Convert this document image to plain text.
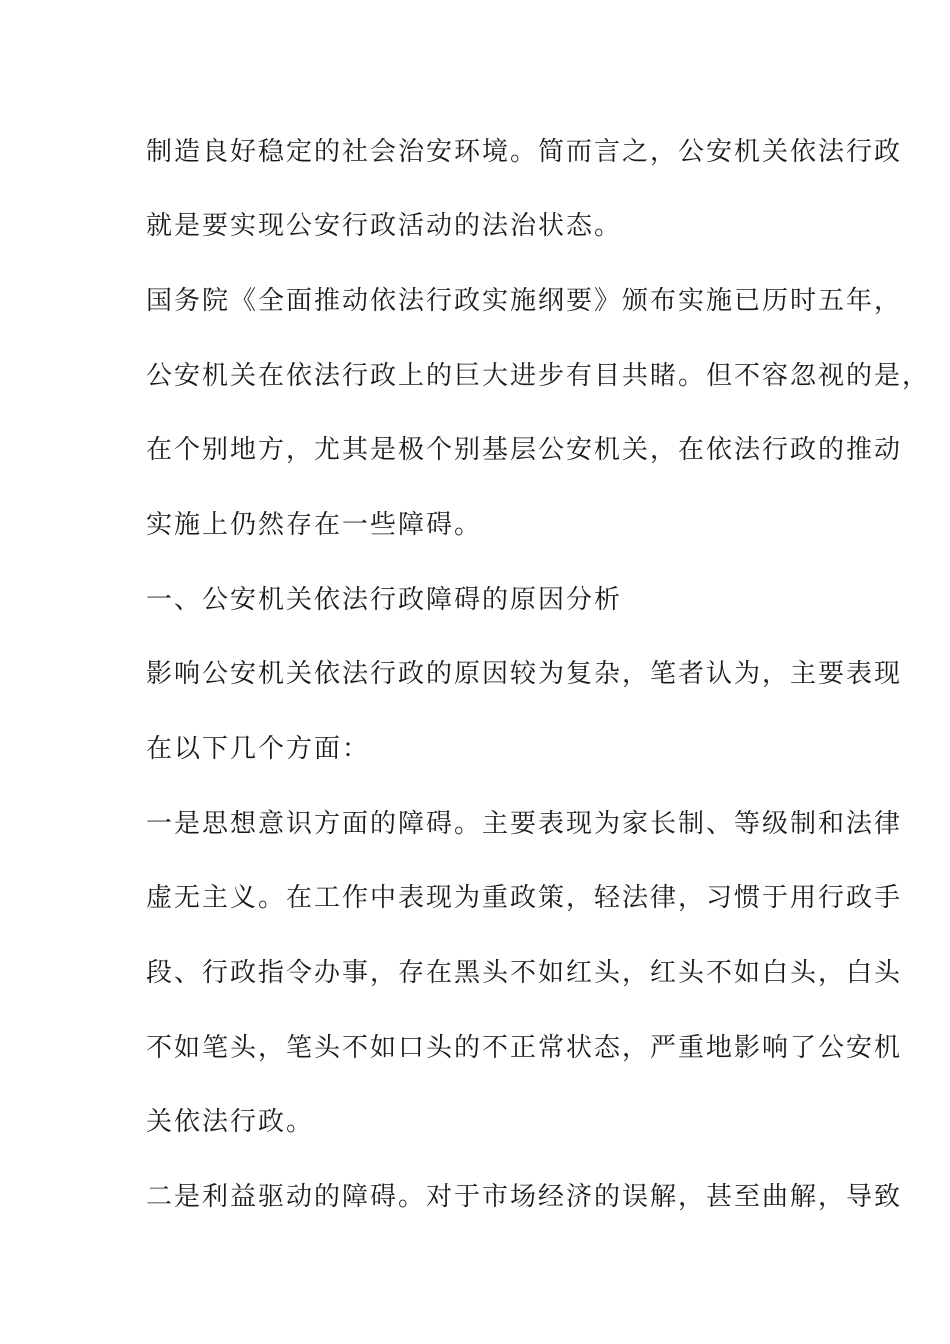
制造良好稳定的社会治安环境。简而言之，公安机关依法行政
就是要实现公安行政活动的法治状态。
国务院《全面推动依法行政实施纲要》颁布实施已历时五年，
公安机关在依法行政上的巨大进步有目共睹。但不容忽视的是，
在个别地方，尤其是极个别基层公安机关，在依法行政的推动
实施上仍然存在一些障碍。
一、公安机关依法行政障碍的原因分析
影响公安机关依法行政的原因较为复杂，笔者认为，主要表现
在以下几个方面：
一是思想意识方面的障碍。主要表现为家长制、等级制和法律
虚无主义。在工作中表现为重政策，轻法律，习惯于用行政手
段、行政指令办事，存在黑头不如红头，红头不如白头，白头
不如笔头，笔头不如口头的不正常状态，严重地影响了公安机
关依法行政。
二是利益驱动的障碍。对于市场经济的误解，甚至曲解，导致
